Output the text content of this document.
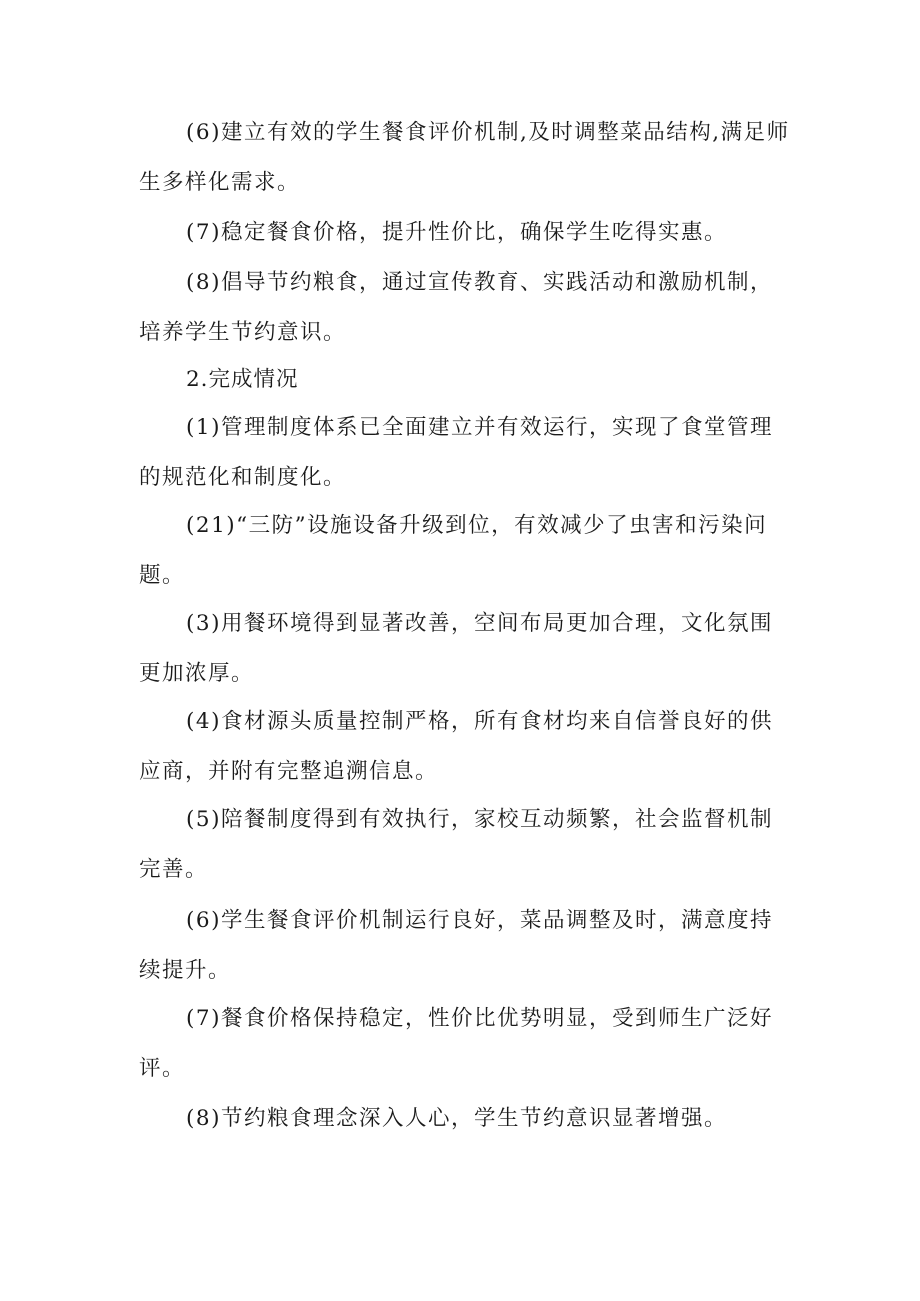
(6)建立有效的学生餐食评价机制,及时调整菜品结构,满足师生多样化需求。

(7)稳定餐食价格，提升性价比，确保学生吃得实惠。

(8)倡导节约粮食，通过宣传教育、实践活动和激励机制，培养学生节约意识。

2.完成情况

(1)管理制度体系已全面建立并有效运行，实现了食堂管理的规范化和制度化。

(21)“三防”设施设备升级到位，有效减少了虫害和污染问题。

(3)用餐环境得到显著改善，空间布局更加合理，文化氛围更加浓厚。

(4)食材源头质量控制严格，所有食材均来自信誉良好的供应商，并附有完整追溯信息。

(5)陪餐制度得到有效执行，家校互动频繁，社会监督机制完善。

(6)学生餐食评价机制运行良好，菜品调整及时，满意度持续提升。

(7)餐食价格保持稳定，性价比优势明显，受到师生广泛好评。

(8)节约粮食理念深入人心，学生节约意识显著增强。
